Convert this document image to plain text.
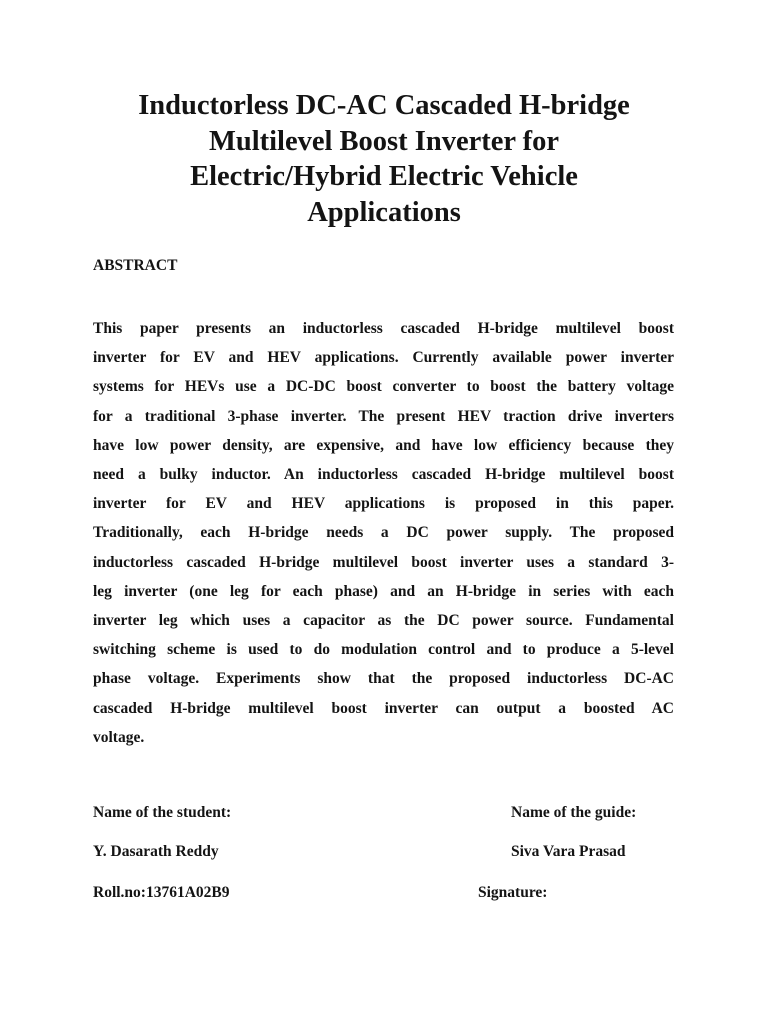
Inductorless DC-AC Cascaded H-bridge
Multilevel Boost Inverter for
Electric/Hybrid Electric Vehicle
Applications
ABSTRACT

This paper presents an inductorless cascaded H-bridge multilevel boost
inverter for EV and HEV applications. Currently available power inverter
systems for HEVs use a DC-DC boost converter to boost the battery voltage
for a traditional 3-phase inverter. The present HEV traction drive inverters
have low power density, are expensive, and have low efficiency because they
need a bulky inductor. An inductorless cascaded H-bridge multilevel boost
inverter for EV and HEV applications is proposed in this paper.
Traditionally, each H-bridge needs a DC power supply. The proposed
inductorless cascaded H-bridge multilevel boost inverter uses a standard 3-
leg inverter (one leg for each phase) and an H-bridge in series with each
inverter leg which uses a capacitor as the DC power source. Fundamental
switching scheme is used to do modulation control and to produce a 5-level
phase voltage. Experiments show that the proposed inductorless DC-AC
cascaded H-bridge multilevel boost inverter can output a boosted AC
voltage.

Name of the student:	Name of the guide:
Y. Dasarath Reddy	Siva Vara Prasad
Roll.no:13761A02B9	Signature:
